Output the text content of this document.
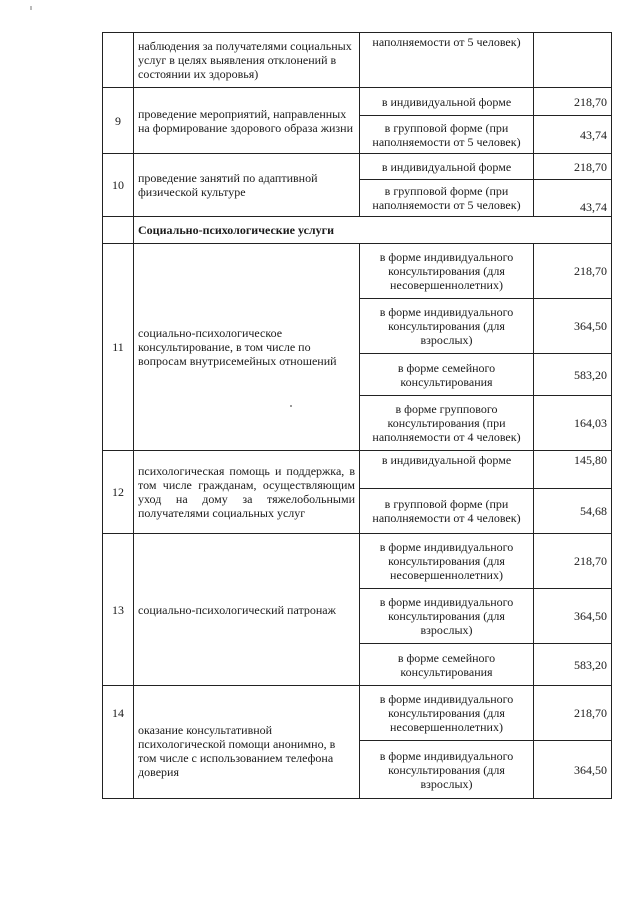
	наблюдения за получателями социальных услуг в целях выявления отклонений в состоянии их здоровья)	наполняемости от 5 человек)	
9	проведение мероприятий, направленных на формирование здорового образа жизни	в индивидуальной форме	218,70
		в групповой форме (при наполняемости от 5 человек)	43,74
10	проведение занятий по адаптивной физической культуре	в индивидуальной форме	218,70
		в групповой форме (при наполняемости от 5 человек)	43,74
	Социально-психологические услуги		
11	социально-психологическое консультирование, в том числе по вопросам внутрисемейных отношений	в форме индивидуального консультирования (для несовершеннолетних)	218,70
		в форме индивидуального консультирования (для взрослых)	364,50
		в форме семейного консультирования	583,20
		в форме группового консультирования (при наполняемости от 4 человек)	164,03
12	психологическая помощь и поддержка, в том числе гражданам, осуществляющим уход на дому за тяжелобольными получателями социальных услуг	в индивидуальной форме	145,80
		в групповой форме (при наполняемости от 4 человек)	54,68
13	социально-психологический патронаж	в форме индивидуального консультирования (для несовершеннолетних)	218,70
		в форме индивидуального консультирования (для взрослых)	364,50
		в форме семейного консультирования	583,20
14	оказание консультативной психологической помощи анонимно, в том числе с использованием телефона доверия	в форме индивидуального консультирования (для несовершеннолетних)	218,70
		в форме индивидуального консультирования (для взрослых)	364,50
